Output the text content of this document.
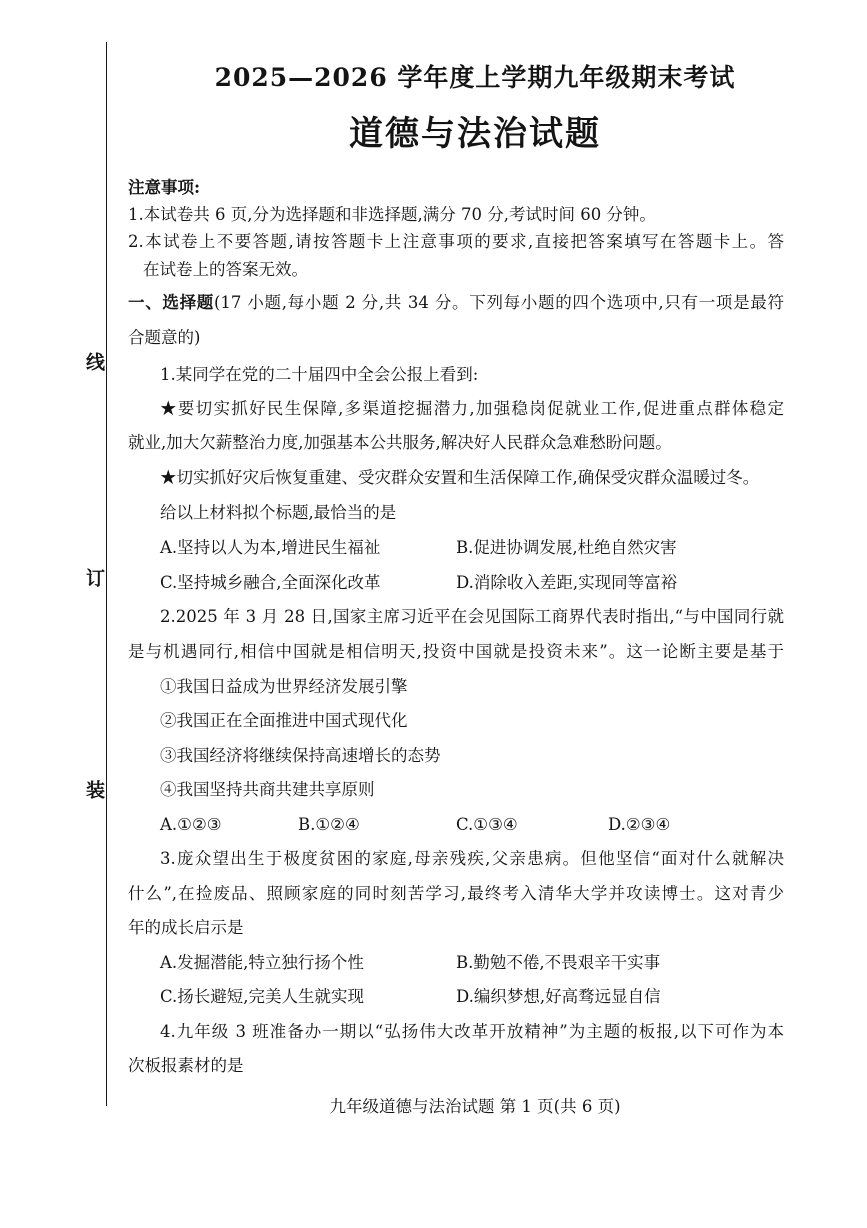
线
订
装
2025—2026 学年度上学期九年级期末考试
道德与法治试题
注意事项:
1.本试卷共 6 页,分为选择题和非选择题,满分 70 分,考试时间 60 分钟。
2.本试卷上不要答题,请按答题卡上注意事项的要求,直接把答案填写在答题卡上。答
在试卷上的答案无效。
一、选择题(17 小题,每小题 2 分,共 34 分。下列每小题的四个选项中,只有一项是最符
合题意的)
1.某同学在党的二十届四中全会公报上看到:
★要切实抓好民生保障,多渠道挖掘潜力,加强稳岗促就业工作,促进重点群体稳定
就业,加大欠薪整治力度,加强基本公共服务,解决好人民群众急难愁盼问题。
★切实抓好灾后恢复重建、受灾群众安置和生活保障工作,确保受灾群众温暖过冬。
给以上材料拟个标题,最恰当的是
A.坚持以人为本,增进民生福祉	B.促进协调发展,杜绝自然灾害
C.坚持城乡融合,全面深化改革	D.消除收入差距,实现同等富裕
2.2025 年 3 月 28 日,国家主席习近平在会见国际工商界代表时指出,“与中国同行就
是与机遇同行,相信中国就是相信明天,投资中国就是投资未来”。这一论断主要是基于
①我国日益成为世界经济发展引擎
②我国正在全面推进中国式现代化
③我国经济将继续保持高速增长的态势
④我国坚持共商共建共享原则
A.①②③	B.①②④	C.①③④	D.②③④
3.庞众望出生于极度贫困的家庭,母亲残疾,父亲患病。但他坚信“面对什么就解决
什么”,在捡废品、照顾家庭的同时刻苦学习,最终考入清华大学并攻读博士。这对青少
年的成长启示是
A.发掘潜能,特立独行扬个性	B.勤勉不倦,不畏艰辛干实事
C.扬长避短,完美人生就实现	D.编织梦想,好高骛远显自信
4.九年级 3 班准备办一期以“弘扬伟大改革开放精神”为主题的板报,以下可作为本
次板报素材的是
九年级道德与法治试题 第 1 页(共 6 页)
